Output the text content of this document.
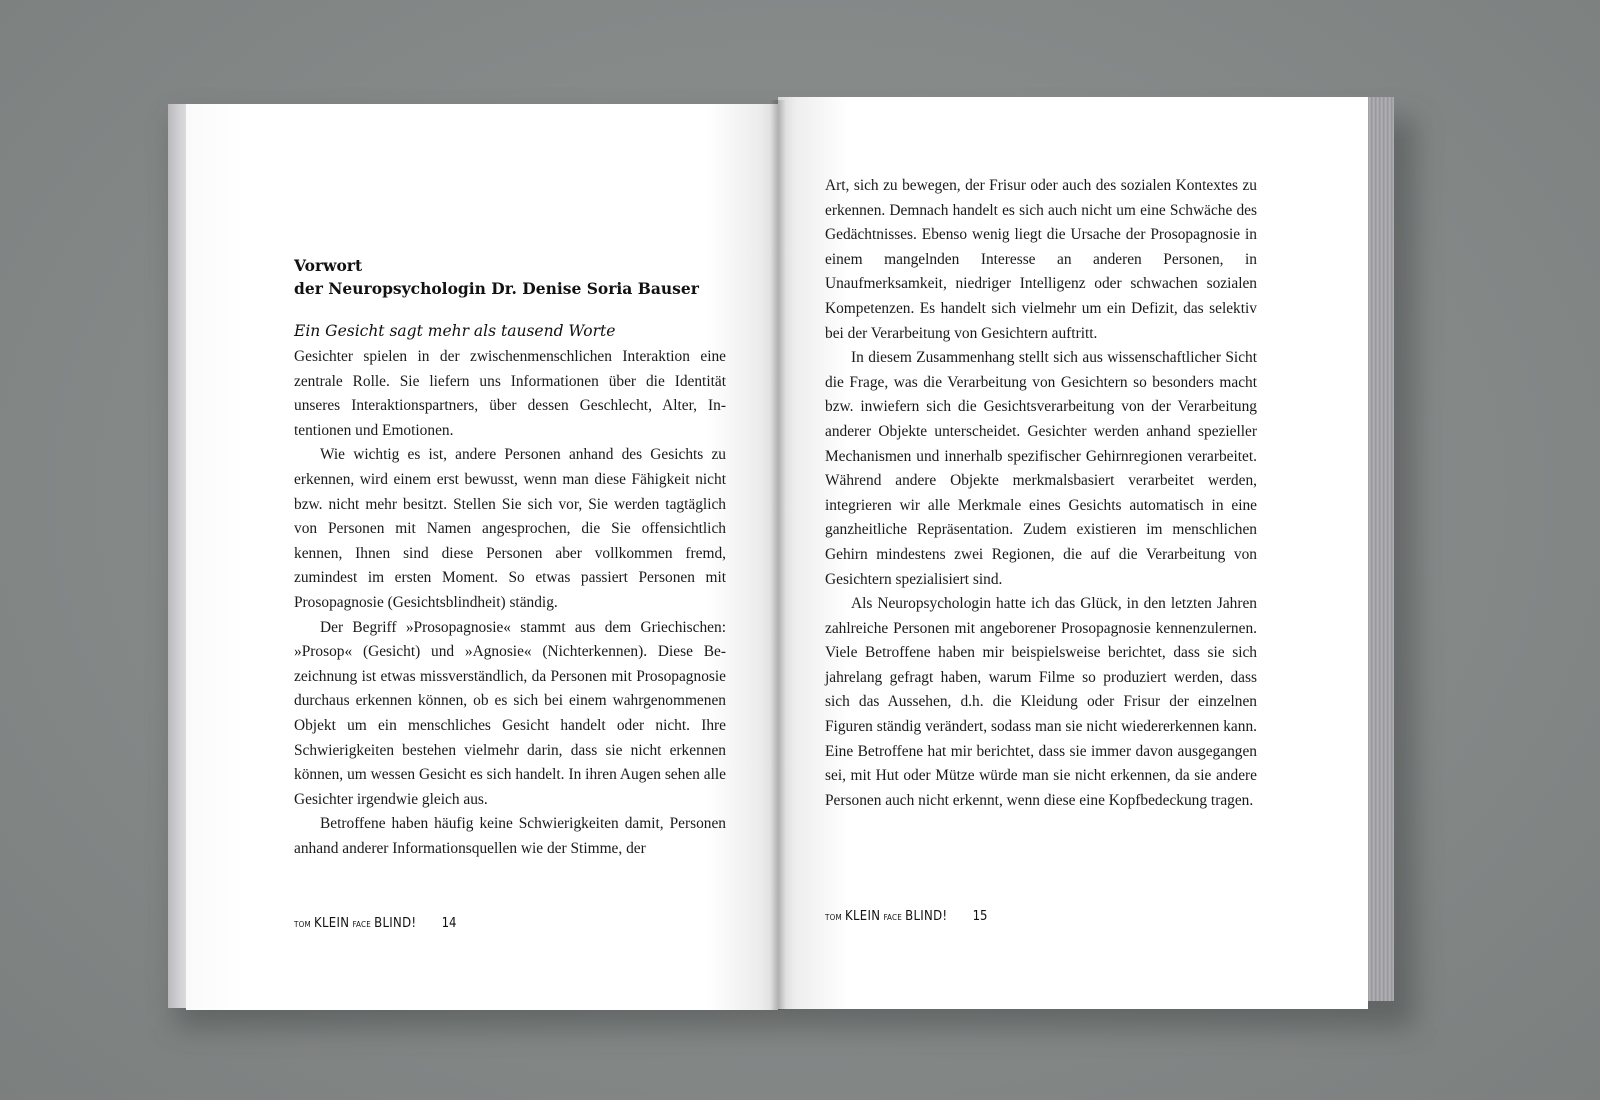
Vorwort
der Neuropsychologin Dr. Denise Soria Bauser
Ein Gesicht sagt mehr als tausend Worte

Gesichter spielen in der zwischenmenschlichen Interaktion eine zentrale Rolle. Sie liefern uns Informationen über die Identität unseres Interaktionspartners, über dessen Geschlecht, Alter, Intentionen und Emotionen.

Wie wichtig es ist, andere Personen anhand des Gesichts zu erkennen, wird einem erst bewusst, wenn man diese Fähigkeit nicht bzw. nicht mehr besitzt. Stellen Sie sich vor, Sie werden tagtäglich von Personen mit Namen angesprochen, die Sie offensichtlich kennen, Ihnen sind diese Personen aber vollkommen fremd, zumindest im ersten Moment. So etwas passiert Personen mit Prosopagnosie (Gesichtsblindheit) ständig.

Der Begriff »Prosopagnosie« stammt aus dem Griechischen: »Prosop« (Gesicht) und »Agnosie« (Nichterkennen). Diese Bezeichnung ist etwas missverständlich, da Personen mit Prosopagnosie durchaus erkennen können, ob es sich bei einem wahrgenommenen Objekt um ein menschliches Gesicht handelt oder nicht. Ihre Schwierigkeiten bestehen vielmehr darin, dass sie nicht erkennen können, um wessen Gesicht es sich handelt. In ihren Augen sehen alle Gesichter irgendwie gleich aus.

Betroffene haben häufig keine Schwierigkeiten damit, Personen anhand anderer Informationsquellen wie der Stimme, der

TOM KLEIN FACE BLIND! 14

Art, sich zu bewegen, der Frisur oder auch des sozialen Kontextes zu erkennen. Demnach handelt es sich auch nicht um eine Schwäche des Gedächtnisses. Ebenso wenig liegt die Ursache der Prosopagnosie in einem mangelnden Interesse an anderen Personen, in Unaufmerksamkeit, niedriger Intelligenz oder schwachen sozialen Kompetenzen. Es handelt sich vielmehr um ein Defizit, das selektiv bei der Verarbeitung von Gesichtern auftritt.

In diesem Zusammenhang stellt sich aus wissenschaftlicher Sicht die Frage, was die Verarbeitung von Gesichtern so besonders macht bzw. inwiefern sich die Gesichtsverarbeitung von der Verarbeitung anderer Objekte unterscheidet. Gesichter werden anhand spezieller Mechanismen und innerhalb spezifischer Gehirnregionen verarbeitet. Während andere Objekte merkmalsbasiert verarbeitet werden, integrieren wir alle Merkmale eines Gesichts automatisch in eine ganzheitliche Repräsentation. Zudem existieren im menschlichen Gehirn mindestens zwei Regionen, die auf die Verarbeitung von Gesichtern spezialisiert sind.

Als Neuropsychologin hatte ich das Glück, in den letzten Jahren zahlreiche Personen mit angeborener Prosopagnosie kennenzulernen. Viele Betroffene haben mir beispielsweise berichtet, dass sie sich jahrelang gefragt haben, warum Filme so produziert werden, dass sich das Aussehen, d.h. die Kleidung oder Frisur der einzelnen Figuren ständig verändert, sodass man sie nicht wiedererkennen kann. Eine Betroffene hat mir berichtet, dass sie immer davon ausgegangen sei, mit Hut oder Mütze würde man sie nicht erkennen, da sie andere Personen auch nicht erkennt, wenn diese eine Kopfbedeckung tragen.

TOM KLEIN FACE BLIND! 15
